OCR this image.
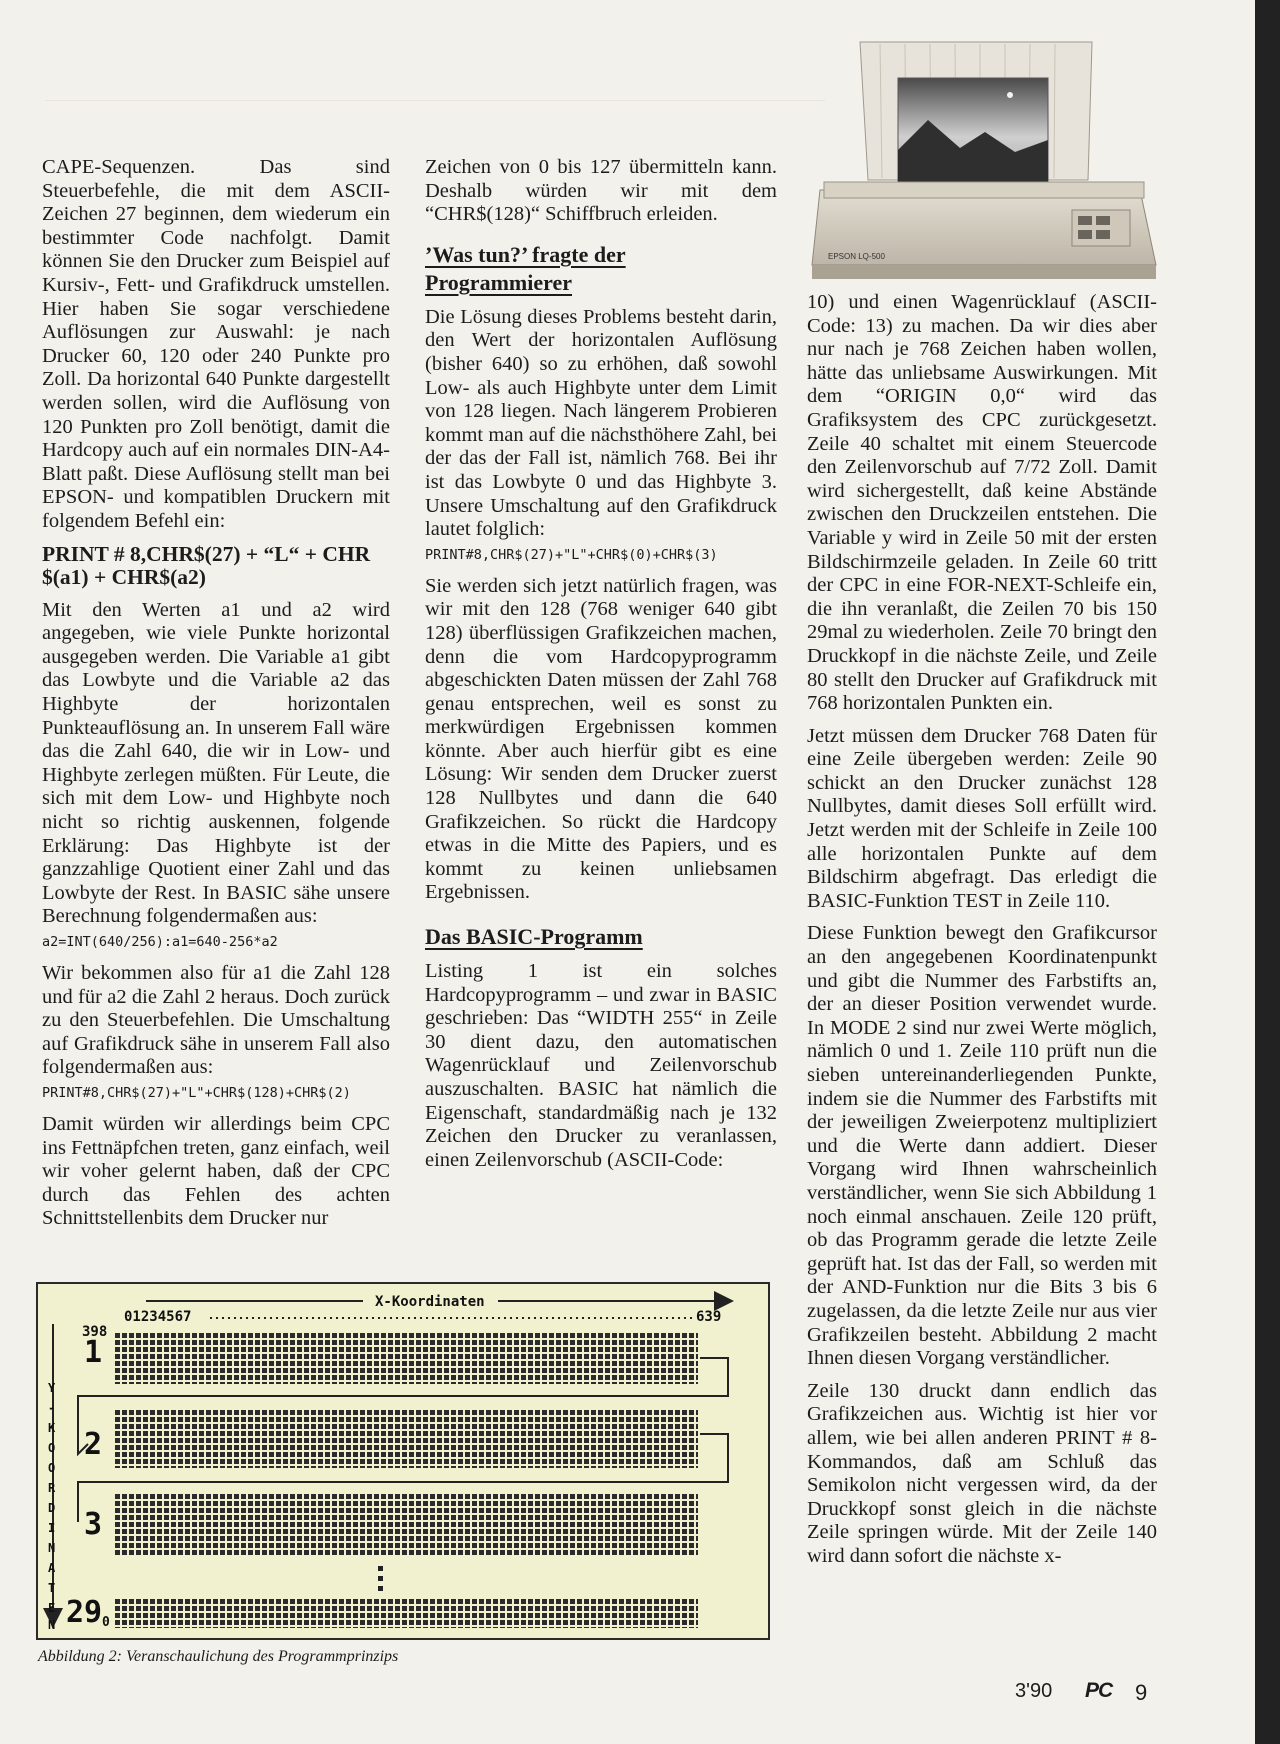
CAPE-Sequenzen. Das sind Steuerbefehle, die mit dem ASCII-Zeichen 27 beginnen, dem wiederum ein bestimmter Code nachfolgt. Damit können Sie den Drucker zum Beispiel auf Kursiv-, Fett- und Grafikdruck umstellen. Hier haben Sie sogar verschiedene Auflösungen zur Auswahl: je nach Drucker 60, 120 oder 240 Punkte pro Zoll. Da horizontal 640 Punkte dargestellt werden sollen, wird die Auflösung von 120 Punkten pro Zoll benötigt, damit die Hardcopy auch auf ein normales DIN-A4-Blatt paßt. Diese Auflösung stellt man bei EPSON- und kompatiblen Druckern mit folgendem Befehl ein:

PRINT # 8,CHR$(27) + “L“ + CHR $(a1) + CHR$(a2)

Mit den Werten a1 und a2 wird angegeben, wie viele Punkte horizontal ausgegeben werden. Die Variable a1 gibt das Lowbyte und die Variable a2 das Highbyte der horizontalen Punkteauflösung an. In unserem Fall wäre das die Zahl 640, die wir in Low- und Highbyte zerlegen müßten. Für Leute, die sich mit dem Low- und Highbyte noch nicht so richtig auskennen, folgende Erklärung: Das Highbyte ist der ganzzahlige Quotient einer Zahl und das Lowbyte der Rest. In BASIC sähe unsere Berechnung folgendermaßen aus:

a2=INT(640/256):a1=640-256*a2

Wir bekommen also für a1 die Zahl 128 und für a2 die Zahl 2 heraus. Doch zurück zu den Steuerbefehlen. Die Umschaltung auf Grafikdruck sähe in unserem Fall also folgendermaßen aus:

PRINT#8,CHR$(27)+"L"+CHR$(128)+CHR$(2)

Damit würden wir allerdings beim CPC ins Fettnäpfchen treten, ganz einfach, weil wir voher gelernt haben, daß der CPC durch das Fehlen des achten Schnittstellenbits dem Drucker nur

Zeichen von 0 bis 127 übermitteln kann. Deshalb würden wir mit dem “CHR$(128)“ Schiffbruch erleiden.

’Was tun?’ fragte der Programmierer

Die Lösung dieses Problems besteht darin, den Wert der horizontalen Auflösung (bisher 640) so zu erhöhen, daß sowohl Low- als auch Highbyte unter dem Limit von 128 liegen. Nach längerem Probieren kommt man auf die nächsthöhere Zahl, bei der das der Fall ist, nämlich 768. Bei ihr ist das Lowbyte 0 und das Highbyte 3. Unsere Umschaltung auf den Grafikdruck lautet folglich:

PRINT#8,CHR$(27)+"L"+CHR$(0)+CHR$(3)

Sie werden sich jetzt natürlich fragen, was wir mit den 128 (768 weniger 640 gibt 128) überflüssigen Grafikzeichen machen, denn die vom Hardcopyprogramm abgeschickten Daten müssen der Zahl 768 genau entsprechen, weil es sonst zu merkwürdigen Ergebnissen kommen könnte. Aber auch hierfür gibt es eine Lösung: Wir senden dem Drucker zuerst 128 Nullbytes und dann die 640 Grafikzeichen. So rückt die Hardcopy etwas in die Mitte des Papiers, und es kommt zu keinen unliebsamen Ergebnissen.

Das BASIC-Programm

Listing 1 ist ein solches Hardcopyprogramm – und zwar in BASIC geschrieben: Das “WIDTH 255“ in Zeile 30 dient dazu, den automatischen Wagenrücklauf und Zeilenvorschub auszuschalten. BASIC hat nämlich die Eigenschaft, standardmäßig nach je 132 Zeichen den Drucker zu veranlassen, einen Zeilenvorschub (ASCII-Code:

10) und einen Wagenrücklauf (ASCII-Code: 13) zu machen. Da wir dies aber nur nach je 768 Zeichen haben wollen, hätte das unliebsame Auswirkungen. Mit dem “ORIGIN 0,0“ wird das Grafiksystem des CPC zurückgesetzt. Zeile 40 schaltet mit einem Steuercode den Zeilenvorschub auf 7/72 Zoll. Damit wird sichergestellt, daß keine Abstände zwischen den Druckzeilen entstehen. Die Variable y wird in Zeile 50 mit der ersten Bildschirmzeile geladen. In Zeile 60 tritt der CPC in eine FOR-NEXT-Schleife ein, die ihn veranlaßt, die Zeilen 70 bis 150 29mal zu wiederholen. Zeile 70 bringt den Druckkopf in die nächste Zeile, und Zeile 80 stellt den Drucker auf Grafikdruck mit 768 horizontalen Punkten ein.

Jetzt müssen dem Drucker 768 Daten für eine Zeile übergeben werden: Zeile 90 schickt an den Drucker zunächst 128 Nullbytes, damit dieses Soll erfüllt wird. Jetzt werden mit der Schleife in Zeile 100 alle horizontalen Punkte auf dem Bildschirm abgefragt. Das erledigt die BASIC-Funktion TEST in Zeile 110.

Diese Funktion bewegt den Grafikcursor an den angegebenen Koordinatenpunkt und gibt die Nummer des Farbstifts an, der an dieser Position verwendet wurde. In MODE 2 sind nur zwei Werte möglich, nämlich 0 und 1. Zeile 110 prüft nun die sieben untereinanderliegenden Punkte, indem sie die Nummer des Farbstifts mit der jeweiligen Zweierpotenz multipliziert und die Werte dann addiert. Dieser Vorgang wird Ihnen wahrscheinlich verständlicher, wenn Sie sich Abbildung 1 noch einmal anschauen. Zeile 120 prüft, ob das Programm gerade die letzte Zeile geprüft hat. Ist das der Fall, so werden mit der AND-Funktion nur die Bits 3 bis 6 zugelassen, da die letzte Zeile nur aus vier Grafikzeilen besteht. Abbildung 2 macht Ihnen diesen Vorgang verständlicher.

Zeile 130 druckt dann endlich das Grafikzeichen aus. Wichtig ist hier vor allem, wie bei allen anderen PRINT # 8-Kommandos, daß am Schluß das Semikolon nicht vergessen wird, da der Druckkopf sonst gleich in die nächste Zeile springen würde. Mit der Zeile 140 wird dann sofort die nächste x-

EPSON LQ-500
X-Koordinaten
01234567	639
398
Y -K O O R D I N A T E N
1
2
3
29 0
Abbildung 2: Veranschaulichung des Programmprinzips
3'90 PC 9
